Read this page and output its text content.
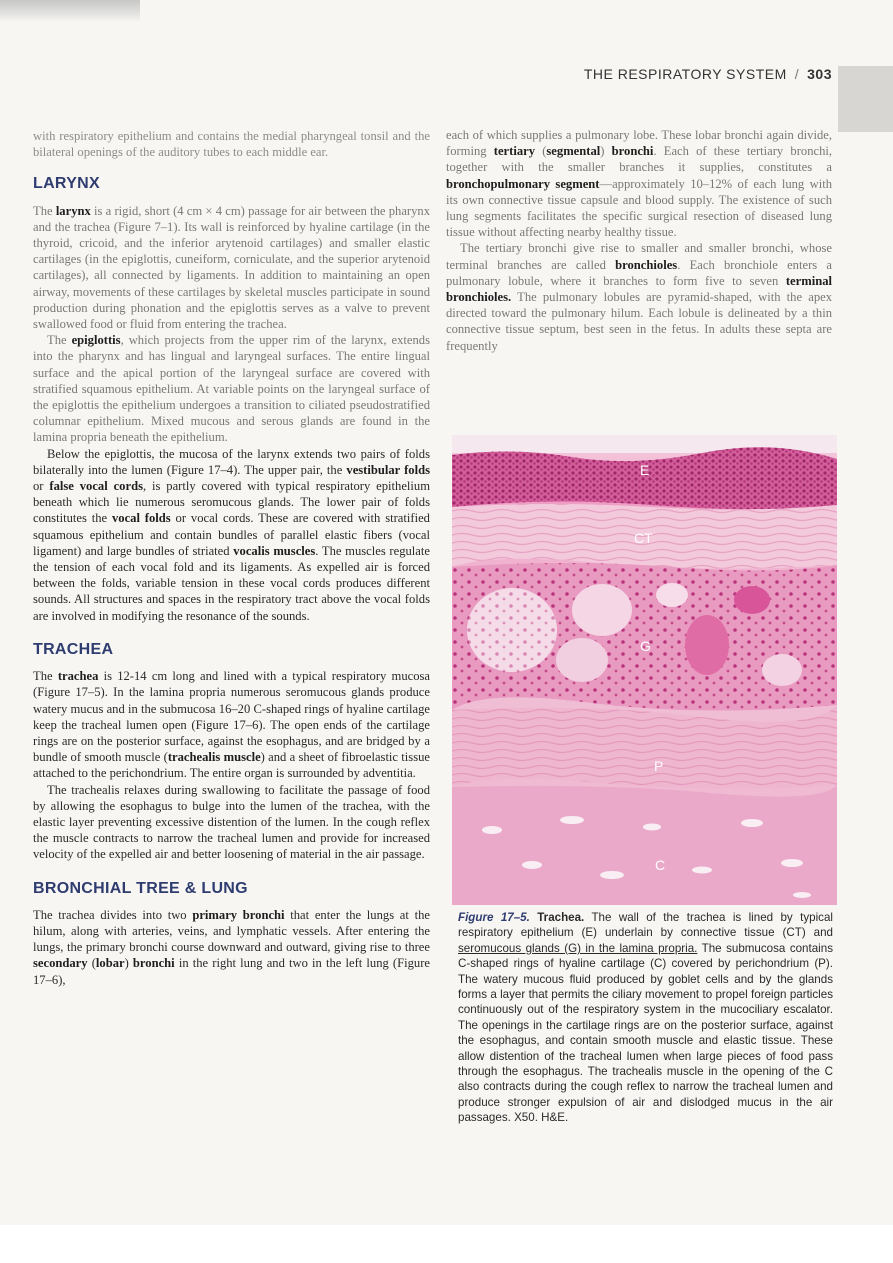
THE RESPIRATORY SYSTEM / 303

with respiratory epithelium and contains the medial pharyngeal tonsil and the bilateral openings of the auditory tubes to each middle ear.

LARYNX

The larynx is a rigid, short (4 cm × 4 cm) passage for air between the pharynx and the trachea (Figure 7–1). Its wall is reinforced by hyaline cartilage (in the thyroid, cricoid, and the inferior arytenoid cartilages) and smaller elastic cartilages (in the epiglottis, cuneiform, corniculate, and the superior arytenoid cartilages), all connected by ligaments. In addition to maintaining an open airway, movements of these cartilages by skeletal muscles participate in sound production during phonation and the epiglottis serves as a valve to prevent swallowed food or fluid from entering the trachea.

The epiglottis, which projects from the upper rim of the larynx, extends into the pharynx and has lingual and laryngeal surfaces. The entire lingual surface and the apical portion of the laryngeal surface are covered with stratified squamous epithelium. At variable points on the laryngeal surface of the epiglottis the epithelium undergoes a transition to ciliated pseudostratified columnar epithelium. Mixed mucous and serous glands are found in the lamina propria beneath the epithelium.

Below the epiglottis, the mucosa of the larynx extends two pairs of folds bilaterally into the lumen (Figure 17–4). The upper pair, the vestibular folds or false vocal cords, is partly covered with typical respiratory epithelium beneath which lie numerous seromucous glands. The lower pair of folds constitutes the vocal folds or vocal cords. These are covered with stratified squamous epithelium and contain bundles of parallel elastic fibers (vocal ligament) and large bundles of striated vocalis muscles. The muscles regulate the tension of each vocal fold and its ligaments. As expelled air is forced between the folds, variable tension in these vocal cords produces different sounds. All structures and spaces in the respiratory tract above the vocal folds are involved in modifying the resonance of the sounds.

TRACHEA

The trachea is 12-14 cm long and lined with a typical respiratory mucosa (Figure 17–5). In the lamina propria numerous seromucous glands produce watery mucus and in the submucosa 16–20 C-shaped rings of hyaline cartilage keep the tracheal lumen open (Figure 17–6). The open ends of the cartilage rings are on the posterior surface, against the esophagus, and are bridged by a bundle of smooth muscle (trachealis muscle) and a sheet of fibroelastic tissue attached to the perichondrium. The entire organ is surrounded by adventitia.

The trachealis relaxes during swallowing to facilitate the passage of food by allowing the esophagus to bulge into the lumen of the trachea, with the elastic layer preventing excessive distention of the lumen. In the cough reflex the muscle contracts to narrow the tracheal lumen and provide for increased velocity of the expelled air and better loosening of material in the air passage.

BRONCHIAL TREE & LUNG

The trachea divides into two primary bronchi that enter the lungs at the hilum, along with arteries, veins, and lymphatic vessels. After entering the lungs, the primary bronchi course downward and outward, giving rise to three secondary (lobar) bronchi in the right lung and two in the left lung (Figure 17–6),

each of which supplies a pulmonary lobe. These lobar bronchi again divide, forming tertiary (segmental) bronchi. Each of these tertiary bronchi, together with the smaller branches it supplies, constitutes a bronchopulmonary segment—approximately 10–12% of each lung with its own connective tissue capsule and blood supply. The existence of such lung segments facilitates the specific surgical resection of diseased lung tissue without affecting nearby healthy tissue.

The tertiary bronchi give rise to smaller and smaller bronchi, whose terminal branches are called bronchioles. Each bronchiole enters a pulmonary lobule, where it branches to form five to seven terminal bronchioles. The pulmonary lobules are pyramid-shaped, with the apex directed toward the pulmonary hilum. Each lobule is delineated by a thin connective tissue septum, best seen in the fetus. In adults these septa are frequently

E
CT
G
P
C
Figure 17–5. Trachea. The wall of the trachea is lined by typical respiratory epithelium (E) underlain by connective tissue (CT) and seromucous glands (G) in the lamina propria. The submucosa contains C-shaped rings of hyaline cartilage (C) covered by perichondrium (P). The watery mucous fluid produced by goblet cells and by the glands forms a layer that permits the ciliary movement to propel foreign particles continuously out of the respiratory system in the mucociliary escalator. The openings in the cartilage rings are on the posterior surface, against the esophagus, and contain smooth muscle and elastic tissue. These allow distention of the tracheal lumen when large pieces of food pass through the esophagus. The trachealis muscle in the opening of the C also contracts during the cough reflex to narrow the tracheal lumen and produce stronger expulsion of air and dislodged mucus in the air passages. X50. H&E.
